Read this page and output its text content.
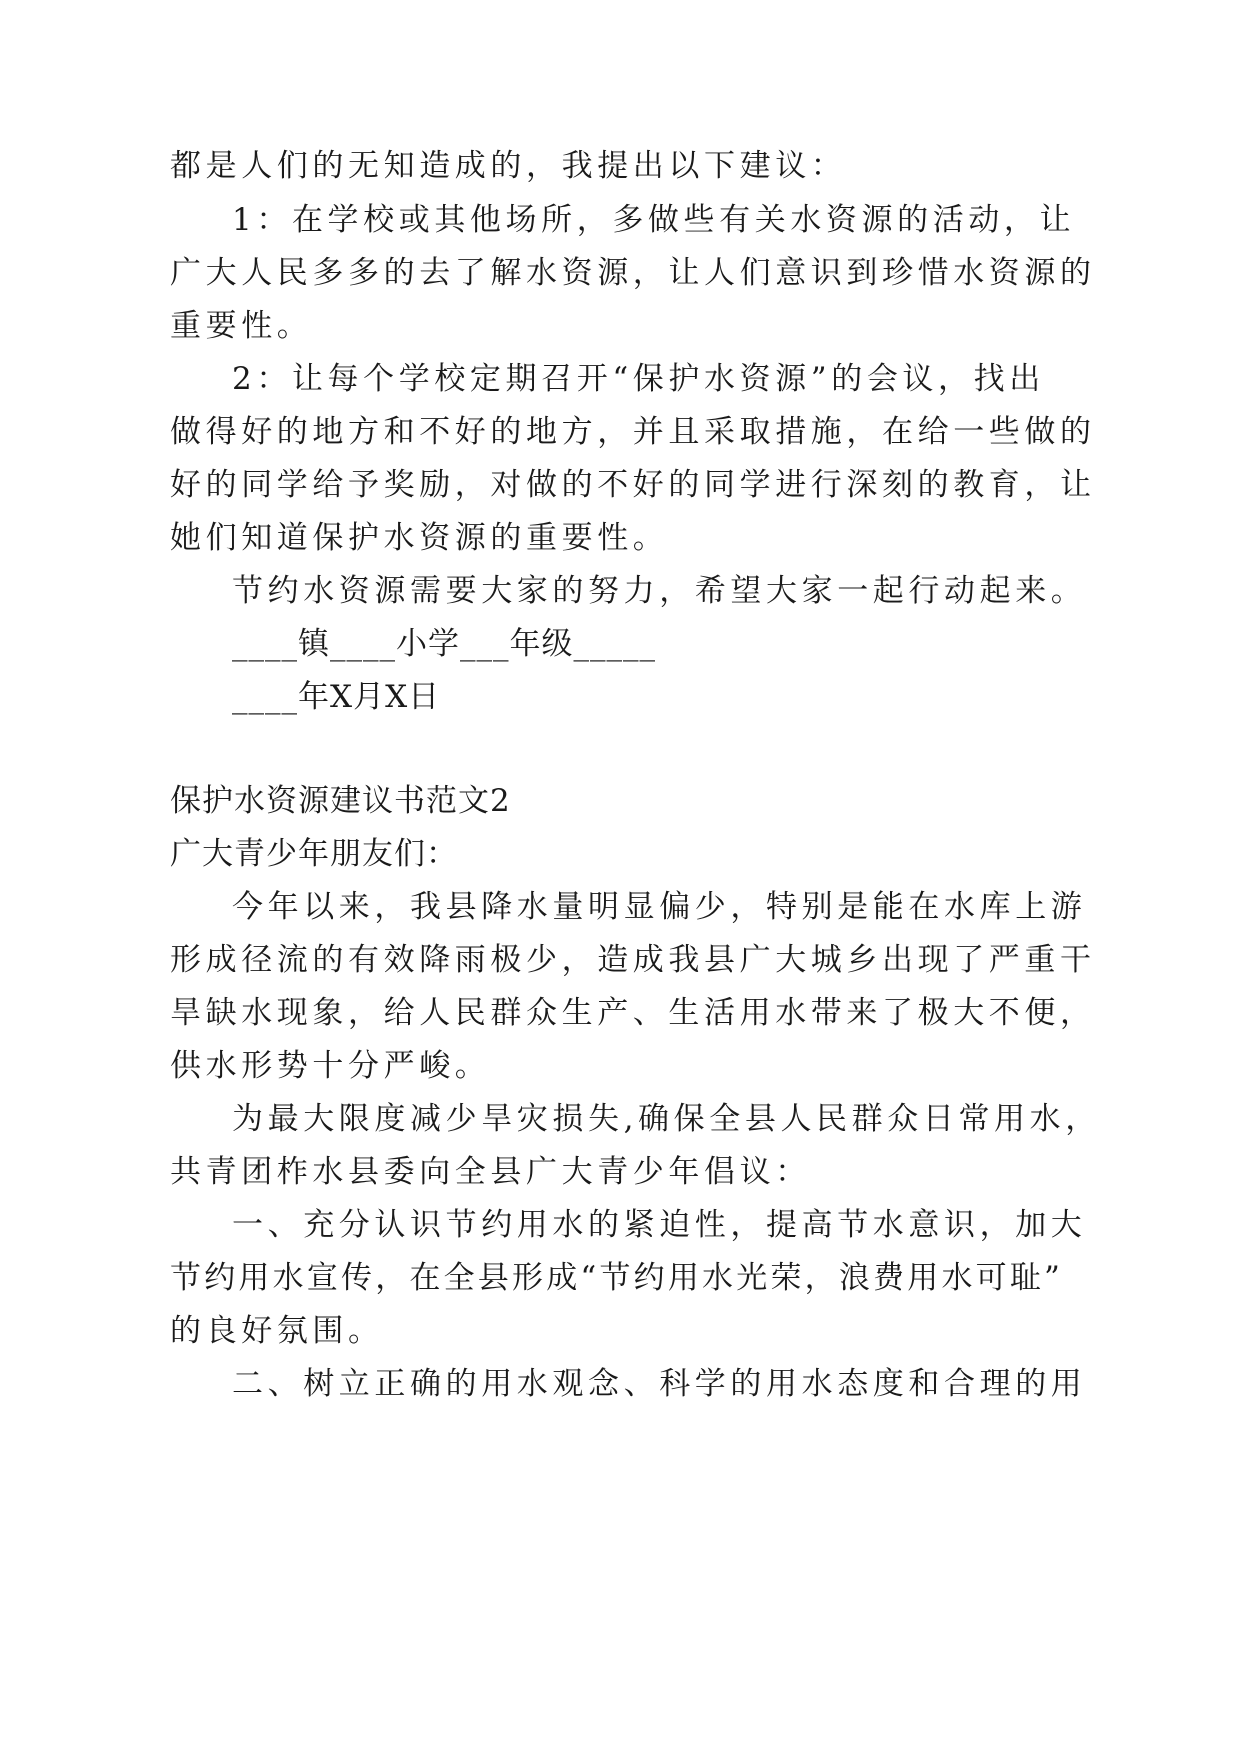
都是人们的无知造成的，我提出以下建议：
1：在学校或其他场所，多做些有关水资源的活动，让
广大人民多多的去了解水资源，让人们意识到珍惜水资源的
重要性。
2：让每个学校定期召开“保护水资源”的会议，找出
做得好的地方和不好的地方，并且采取措施，在给一些做的
好的同学给予奖励，对做的不好的同学进行深刻的教育，让
她们知道保护水资源的重要性。
节约水资源需要大家的努力，希望大家一起行动起来。
____镇____小学___年级_____
____年X月X日
保护水资源建议书范文2
广大青少年朋友们：
今年以来，我县降水量明显偏少，特别是能在水库上游
形成径流的有效降雨极少，造成我县广大城乡出现了严重干
旱缺水现象，给人民群众生产、生活用水带来了极大不便，
供水形势十分严峻。
为最大限度减少旱灾损失,确保全县人民群众日常用水，
共青团柞水县委向全县广大青少年倡议：
一、充分认识节约用水的紧迫性，提高节水意识，加大
节约用水宣传，在全县形成“节约用水光荣，浪费用水可耻”
的良好氛围。
二、树立正确的用水观念、科学的用水态度和合理的用
